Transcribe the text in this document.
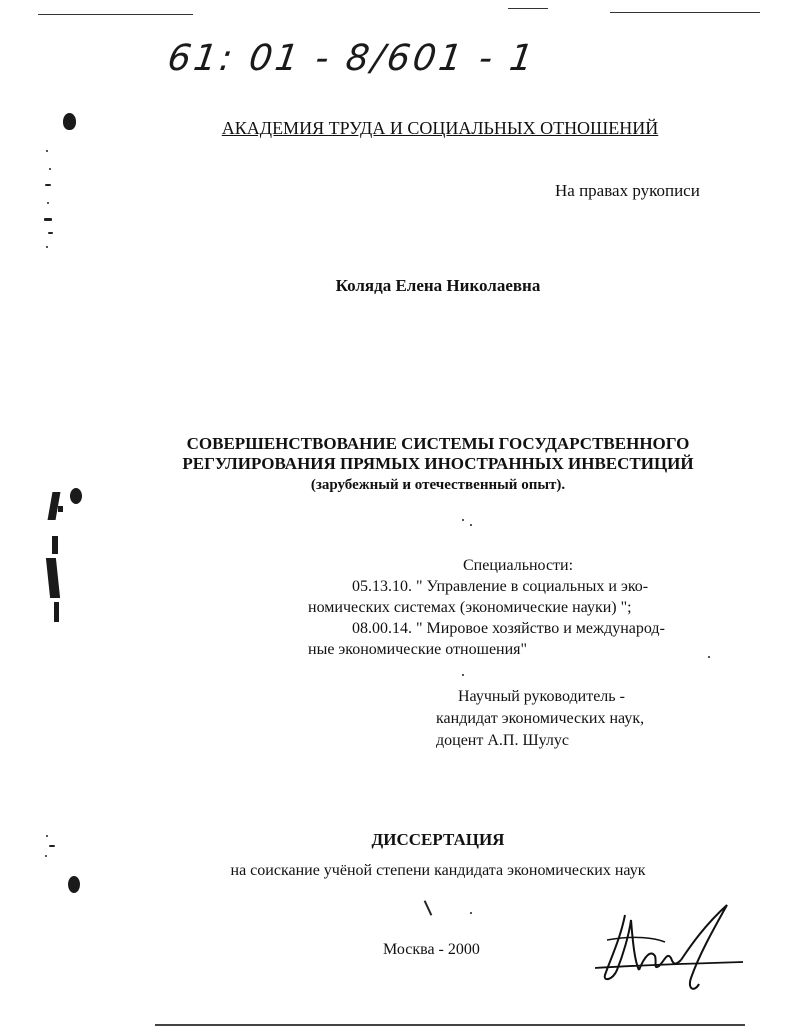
61: 01 - 8/601 - 1
АКАДЕМИЯ ТРУДА И СОЦИАЛЬНЫХ ОТНОШЕНИЙ
На правах рукописи
Коляда Елена Николаевна
СОВЕРШЕНСТВОВАНИЕ СИСТЕМЫ ГОСУДАРСТВЕННОГО
РЕГУЛИРОВАНИЯ ПРЯМЫХ ИНОСТРАННЫХ ИНВЕСТИЦИЙ
(зарубежный и отечественный опыт).
Специальности:
05.13.10. " Управление в социальных и эко-
номических системах (экономические науки) ";
08.00.14. " Мировое хозяйство и международ-
ные экономические отношения"
Научный руководитель -
кандидат экономических наук,
доцент А.П. Шулус
ДИССЕРТАЦИЯ
на соискание учёной степени кандидата экономических наук
Москва - 2000
